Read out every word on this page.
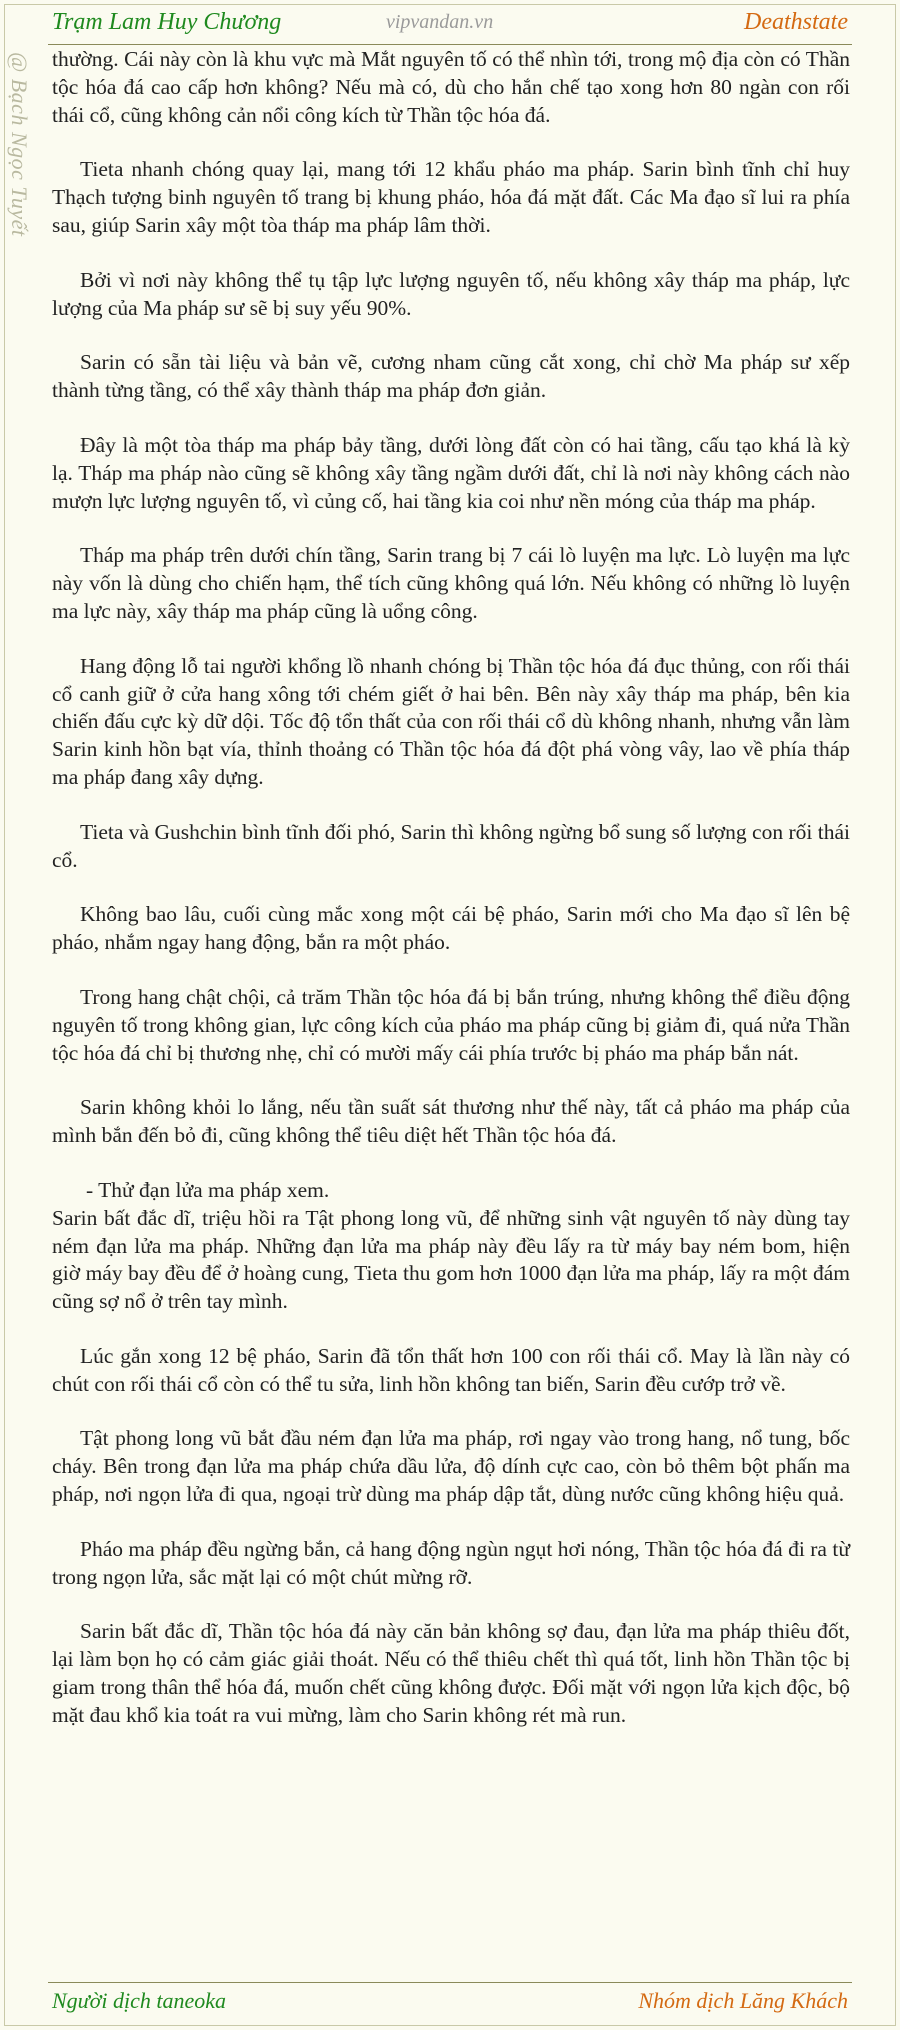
Trạm Lam Huy Chương	vipvandan.vn	Deathstate
@ Bạch Ngọc Tuyết thường. Cái này còn là khu vực mà Mắt nguyên tố có thể nhìn tới, trong mộ địa còn có Thần tộc hóa đá cao cấp hơn không? Nếu mà có, dù cho hắn chế tạo xong hơn 80 ngàn con rối thái cổ, cũng không cản nổi công kích từ Thần tộc hóa đá.

Tieta nhanh chóng quay lại, mang tới 12 khẩu pháo ma pháp. Sarin bình tĩnh chỉ huy Thạch tượng binh nguyên tố trang bị khung pháo, hóa đá mặt đất. Các Ma đạo sĩ lui ra phía sau, giúp Sarin xây một tòa tháp ma pháp lâm thời.

Bởi vì nơi này không thể tụ tập lực lượng nguyên tố, nếu không xây tháp ma pháp, lực lượng của Ma pháp sư sẽ bị suy yếu 90%.

Sarin có sẵn tài liệu và bản vẽ, cương nham cũng cắt xong, chỉ chờ Ma pháp sư xếp thành từng tầng, có thể xây thành tháp ma pháp đơn giản.

Đây là một tòa tháp ma pháp bảy tầng, dưới lòng đất còn có hai tầng, cấu tạo khá là kỳ lạ. Tháp ma pháp nào cũng sẽ không xây tầng ngầm dưới đất, chỉ là nơi này không cách nào mượn lực lượng nguyên tố, vì củng cố, hai tầng kia coi như nền móng của tháp ma pháp.

Tháp ma pháp trên dưới chín tầng, Sarin trang bị 7 cái lò luyện ma lực. Lò luyện ma lực này vốn là dùng cho chiến hạm, thể tích cũng không quá lớn. Nếu không có những lò luyện ma lực này, xây tháp ma pháp cũng là uổng công.

Hang động lỗ tai người khổng lồ nhanh chóng bị Thần tộc hóa đá đục thủng, con rối thái cổ canh giữ ở cửa hang xông tới chém giết ở hai bên. Bên này xây tháp ma pháp, bên kia chiến đấu cực kỳ dữ dội. Tốc độ tổn thất của con rối thái cổ dù không nhanh, nhưng vẫn làm Sarin kinh hồn bạt vía, thỉnh thoảng có Thần tộc hóa đá đột phá vòng vây, lao về phía tháp ma pháp đang xây dựng.

Tieta và Gushchin bình tĩnh đối phó, Sarin thì không ngừng bổ sung số lượng con rối thái cổ.

Không bao lâu, cuối cùng mắc xong một cái bệ pháo, Sarin mới cho Ma đạo sĩ lên bệ pháo, nhắm ngay hang động, bắn ra một pháo.

Trong hang chật chội, cả trăm Thần tộc hóa đá bị bắn trúng, nhưng không thể điều động nguyên tố trong không gian, lực công kích của pháo ma pháp cũng bị giảm đi, quá nửa Thần tộc hóa đá chỉ bị thương nhẹ, chỉ có mười mấy cái phía trước bị pháo ma pháp bắn nát.

Sarin không khỏi lo lắng, nếu tần suất sát thương như thế này, tất cả pháo ma pháp của mình bắn đến bỏ đi, cũng không thể tiêu diệt hết Thần tộc hóa đá.

- Thử đạn lửa ma pháp xem.

Sarin bất đắc dĩ, triệu hồi ra Tật phong long vũ, để những sinh vật nguyên tố này dùng tay ném đạn lửa ma pháp. Những đạn lửa ma pháp này đều lấy ra từ máy bay ném bom, hiện giờ máy bay đều để ở hoàng cung, Tieta thu gom hơn 1000 đạn lửa ma pháp, lấy ra một đám cũng sợ nổ ở trên tay mình.

Lúc gắn xong 12 bệ pháo, Sarin đã tổn thất hơn 100 con rối thái cổ. May là lần này có chút con rối thái cổ còn có thể tu sửa, linh hồn không tan biến, Sarin đều cướp trở về.

Tật phong long vũ bắt đầu ném đạn lửa ma pháp, rơi ngay vào trong hang, nổ tung, bốc cháy. Bên trong đạn lửa ma pháp chứa dầu lửa, độ dính cực cao, còn bỏ thêm bột phấn ma pháp, nơi ngọn lửa đi qua, ngoại trừ dùng ma pháp dập tắt, dùng nước cũng không hiệu quả.

Pháo ma pháp đều ngừng bắn, cả hang động ngùn ngụt hơi nóng, Thần tộc hóa đá đi ra từ trong ngọn lửa, sắc mặt lại có một chút mừng rỡ.

Sarin bất đắc dĩ, Thần tộc hóa đá này căn bản không sợ đau, đạn lửa ma pháp thiêu đốt, lại làm bọn họ có cảm giác giải thoát. Nếu có thể thiêu chết thì quá tốt, linh hồn Thần tộc bị giam trong thân thể hóa đá, muốn chết cũng không được. Đối mặt với ngọn lửa kịch độc, bộ mặt đau khổ kia toát ra vui mừng, làm cho Sarin không rét mà run.

Người dịch taneoka	Nhóm dịch Lăng Khách
